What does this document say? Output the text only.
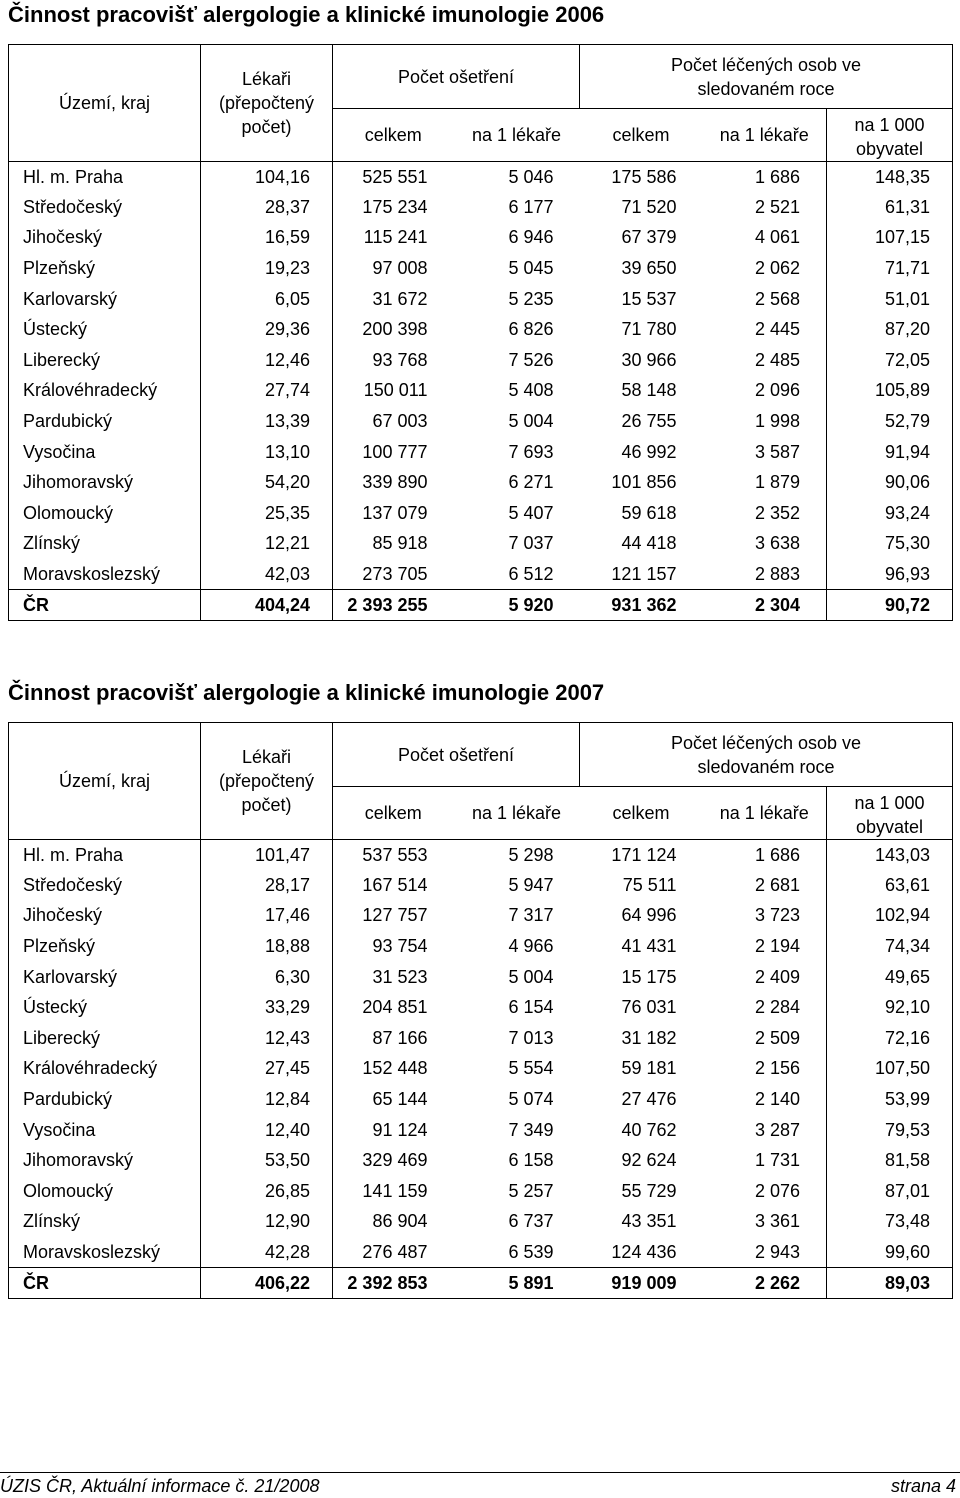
Činnost pracovišť alergologie a klinické imunologie 2006
Území, kraj	Lékaři (přepočtený počet)	Počet ošetření		Počet léčených osob ve sledovaném roce		
		celkem	na 1 lékaře	celkem	na 1 lékaře	na 1 000 obyvatel
Hl. m. Praha	104,16	525 551	5 046	175 586	1 686	148,35
Středočeský	28,37	175 234	6 177	71 520	2 521	61,31
Jihočeský	16,59	115 241	6 946	67 379	4 061	107,15
Plzeňský	19,23	97 008	5 045	39 650	2 062	71,71
Karlovarský	6,05	31 672	5 235	15 537	2 568	51,01
Ústecký	29,36	200 398	6 826	71 780	2 445	87,20
Liberecký	12,46	93 768	7 526	30 966	2 485	72,05
Královéhradecký	27,74	150 011	5 408	58 148	2 096	105,89
Pardubický	13,39	67 003	5 004	26 755	1 998	52,79
Vysočina	13,10	100 777	7 693	46 992	3 587	91,94
Jihomoravský	54,20	339 890	6 271	101 856	1 879	90,06
Olomoucký	25,35	137 079	5 407	59 618	2 352	93,24
Zlínský	12,21	85 918	7 037	44 418	3 638	75,30
Moravskoslezský	42,03	273 705	6 512	121 157	2 883	96,93
ČR	404,24	2 393 255	5 920	931 362	2 304	90,72
Činnost pracovišť alergologie a klinické imunologie 2007
Území, kraj	Lékaři (přepočtený počet)	Počet ošetření		Počet léčených osob ve sledovaném roce		
		celkem	na 1 lékaře	celkem	na 1 lékaře	na 1 000 obyvatel
Hl. m. Praha	101,47	537 553	5 298	171 124	1 686	143,03
Středočeský	28,17	167 514	5 947	75 511	2 681	63,61
Jihočeský	17,46	127 757	7 317	64 996	3 723	102,94
Plzeňský	18,88	93 754	4 966	41 431	2 194	74,34
Karlovarský	6,30	31 523	5 004	15 175	2 409	49,65
Ústecký	33,29	204 851	6 154	76 031	2 284	92,10
Liberecký	12,43	87 166	7 013	31 182	2 509	72,16
Královéhradecký	27,45	152 448	5 554	59 181	2 156	107,50
Pardubický	12,84	65 144	5 074	27 476	2 140	53,99
Vysočina	12,40	91 124	7 349	40 762	3 287	79,53
Jihomoravský	53,50	329 469	6 158	92 624	1 731	81,58
Olomoucký	26,85	141 159	5 257	55 729	2 076	87,01
Zlínský	12,90	86 904	6 737	43 351	3 361	73,48
Moravskoslezský	42,28	276 487	6 539	124 436	2 943	99,60
ČR	406,22	2 392 853	5 891	919 009	2 262	89,03
ÚZIS ČR, Aktuální informace č. 21/2008	strana 4
